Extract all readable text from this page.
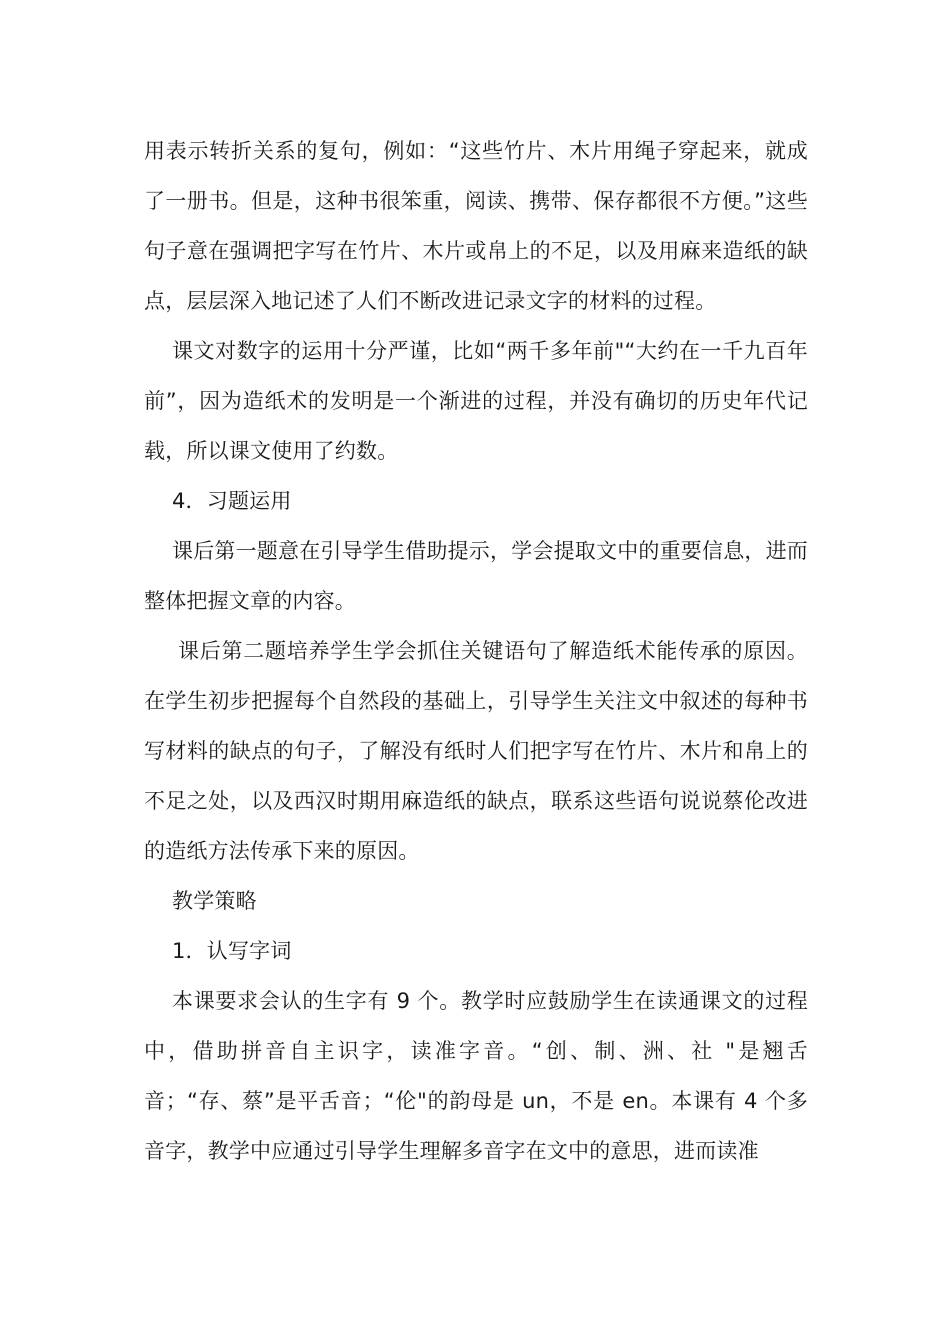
用表示转折关系的复句，例如：“这些竹片、木片用绳子穿起来，就成了一册书。但是，这种书很笨重，阅读、携带、保存都很不方便。”这些句子意在强调把字写在竹片、木片或帛上的不足，以及用麻来造纸的缺点，层层深入地记述了人们不断改进记录文字的材料的过程。

课文对数字的运用十分严谨，比如“两千多年前"“大约在一千九百年前”，因为造纸术的发明是一个渐进的过程，并没有确切的历史年代记载，所以课文使用了约数。

4．习题运用

课后第一题意在引导学生借助提示，学会提取文中的重要信息，进而整体把握文章的内容。

课后第二题培养学生学会抓住关键语句了解造纸术能传承的原因。在学生初步把握每个自然段的基础上，引导学生关注文中叙述的每种书写材料的缺点的句子，了解没有纸时人们把字写在竹片、木片和帛上的不足之处，以及西汉时期用麻造纸的缺点，联系这些语句说说蔡伦改进的造纸方法传承下来的原因。

教学策略

1．认写字词

本课要求会认的生字有 9 个。教学时应鼓励学生在读通课文的过程中，借助拼音自主识字，读准字音。“创、制、洲、社 "是翘舌音；“存、蔡”是平舌音；“伦"的韵母是 un，不是 en。本课有 4 个多音字，教学中应通过引导学生理解多音字在文中的意思，进而读准
